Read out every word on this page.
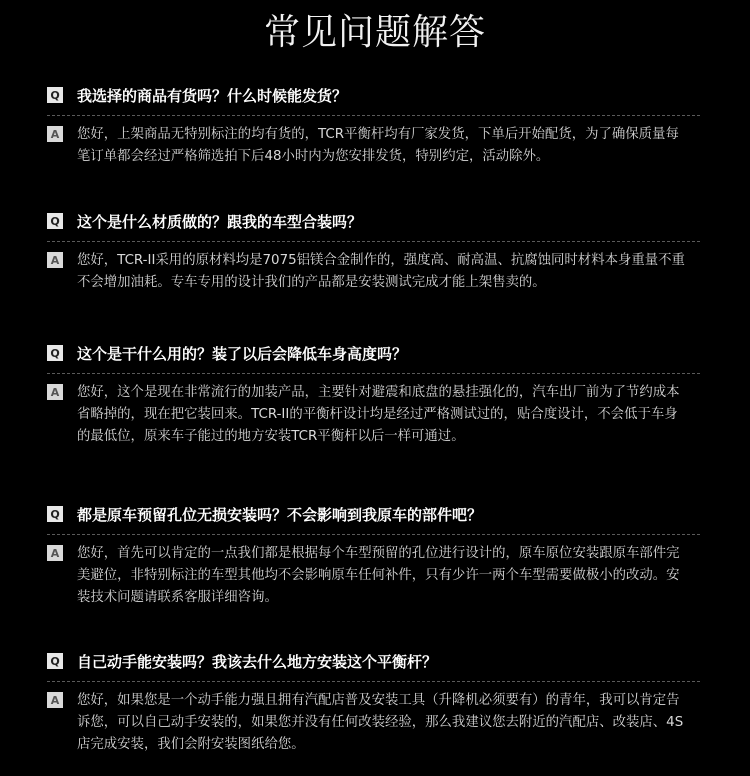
常见问题解答
Q 我选择的商品有货吗？什么时候能发货？
A 您好，上架商品无特别标注的均有货的，TCR平衡杆均有厂家发货，下单后开始配货，为了确保质量每笔订单都会经过严格筛选拍下后48小时内为您安排发货，特别约定，活动除外。
Q 这个是什么材质做的？跟我的车型合装吗？
A 您好，TCR-II采用的原材料均是7075铝镁合金制作的，强度高、耐高温、抗腐蚀同时材料本身重量不重不会增加油耗。专车专用的设计我们的产品都是安装测试完成才能上架售卖的。
Q 这个是干什么用的？装了以后会降低车身高度吗？
A 您好，这个是现在非常流行的加装产品，主要针对避震和底盘的悬挂强化的，汽车出厂前为了节约成本省略掉的，现在把它装回来。TCR-II的平衡杆设计均是经过严格测试过的，贴合度设计，不会低于车身的最低位，原来车子能过的地方安装TCR平衡杆以后一样可通过。
Q 都是原车预留孔位无损安装吗？不会影响到我原车的部件吧？
A 您好，首先可以肯定的一点我们都是根据每个车型预留的孔位进行设计的，原车原位安装跟原车部件完美避位，非特别标注的车型其他均不会影响原车任何补件，只有少许一两个车型需要做极小的改动。安装技术问题请联系客服详细咨询。
Q 自己动手能安装吗？我该去什么地方安装这个平衡杆？
A 您好，如果您是一个动手能力强且拥有汽配店普及安装工具（升降机必须要有）的青年，我可以肯定告诉您，可以自己动手安装的，如果您并没有任何改装经验，那么我建议您去附近的汽配店、改装店、4S店完成安装，我们会附安装图纸给您。
